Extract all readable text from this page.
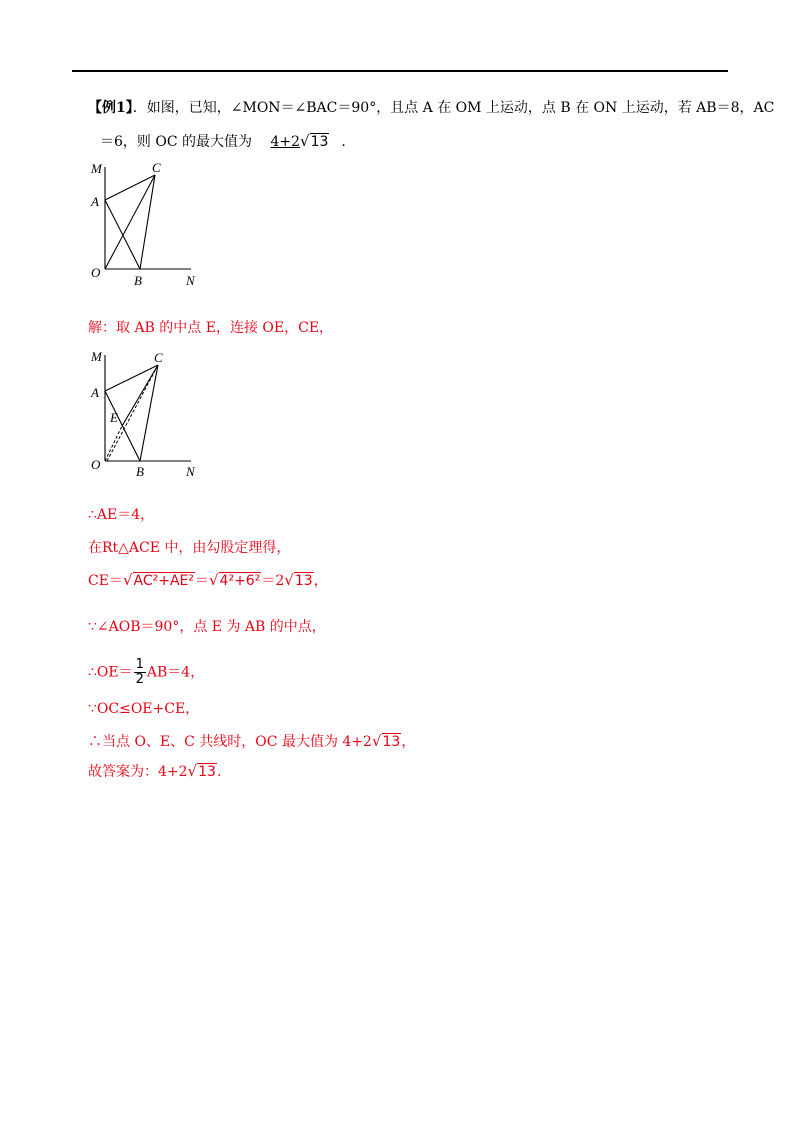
【例1】．如图，已知，∠MON＝∠BAC＝90°，且点 A 在 OM 上运动，点 B 在 ON 上运动，若 AB＝8，AC
＝6，则 OC 的最大值为 4+2√13 .
M
A
C
O
B	N
解：取 AB 的中点 E，连接 OE，CE，
M
A
C
E
O	B	N
∴AE＝4，
在Rt△ACE 中，由勾股定理得，
CE＝√AC²+AE²＝√4²+6²＝2√13，
∵∠AOB＝90°，点 E 为 AB 的中点，
∴OE＝ $\frac{1}{2} AB=4$，
∵OC≤OE+CE，
∴当点 O、E、C 共线时，OC 最大值为 4+2√13，
故答案为：4+2√13.
